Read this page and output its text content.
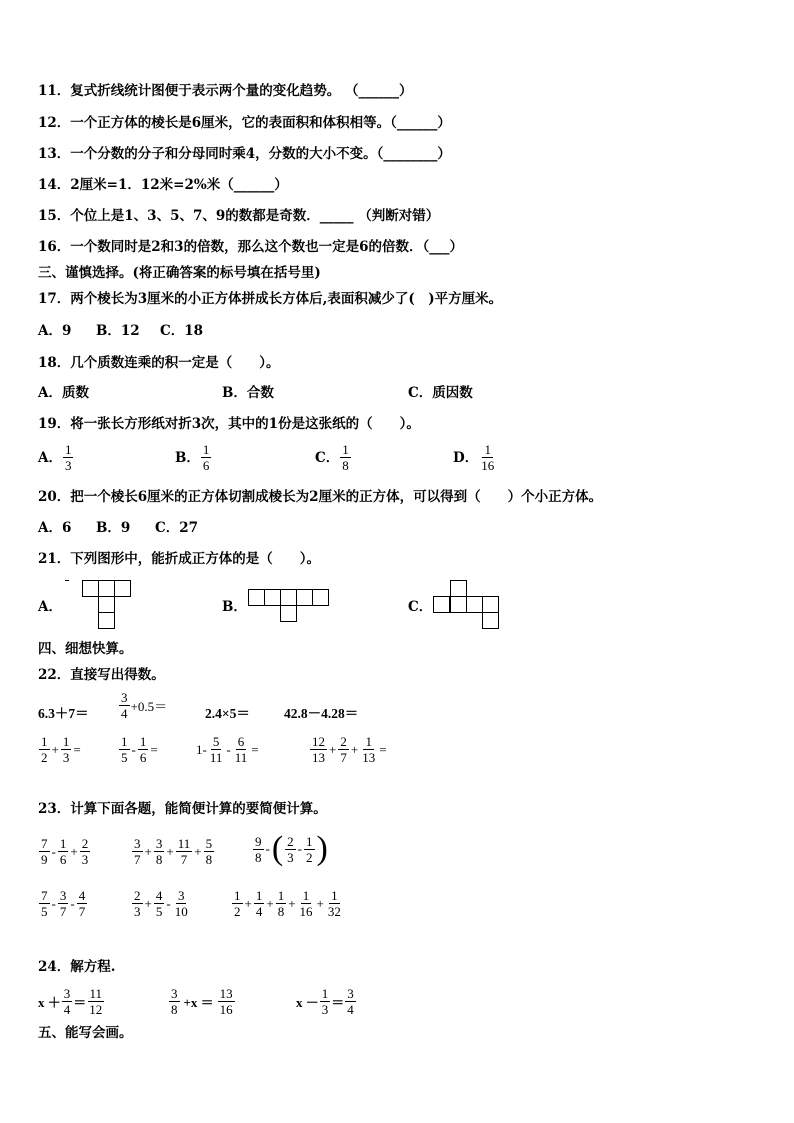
11．复式折线统计图便于表示两个量的变化趋势。 （______）
12．一个正方体的棱长是6厘米，它的表面积和体积相等。（______）
13．一个分数的分子和分母同时乘4，分数的大小不变。（________）
14．2厘米=1．12米=2%米（______）
15．个位上是1、3、5、7、9的数都是奇数．_____ （判断对错）
16．一个数同时是2和3的倍数，那么这个数也一定是6的倍数．（___）
三、谨慎选择。(将正确答案的标号填在括号里)
17．两个棱长为3厘米的小正方体拼成长方体后,表面积减少了(　)平方厘米。
A．9 B．12 C．18
18．几个质数连乘的积一定是（　　）。
A．质数	B．合数	C．质因数
19．将一张长方形纸对折3次，其中的1份是这张纸的（　　）。
A． $\frac{1}{3}$	B． $\frac{1}{6}$	C． $\frac{1}{8}$	D． $\frac{1}{16}$
20．把一个棱长6厘米的正方体切割成棱长为2厘米的正方体，可以得到（　　）个小正方体。
A．6 B．9 C．27
21．下列图形中，能折成正方体的是（　　）。
A．	B．	C．
四、细想快算。
22．直接写出得数。
$6.3+7= \frac{3}{4} +0.5=$	2.4×5＝	42.8－4.28＝
$\frac{1}{2} + \frac{1}{3}$ =	$\frac{1}{5} - \frac{1}{6}$ =	$1- \frac{5}{11} - \frac{6}{11}$ =	$\frac{12}{13} + \frac{2}{7} + \frac{1}{13}$ =
23．计算下面各题，能简便计算的要简便计算。
$\frac{7}{9} - \frac{1}{6} + \frac{2}{3}$	$\frac{3}{7} + \frac{3}{8} + \frac{11}{7} + \frac{5}{8}$	$\frac{9}{8}$ - ( $\frac{2}{3} - \frac{1}{2}$ )
$\frac{7}{5} - \frac{3}{7} - \frac{4}{7}$	$\frac{2}{3} + \frac{4}{5} - \frac{3}{10}$	$\frac{1}{2} + \frac{1}{4} + \frac{1}{8} + \frac{1}{16} + \frac{1}{32}$
24．解方程.
$x + \frac{3}{4} = \frac{11}{12}$	$\frac{3}{8} +x = \frac{13}{16}$	$x - \frac{1}{3} = \frac{3}{4}$
五、能写会画。
